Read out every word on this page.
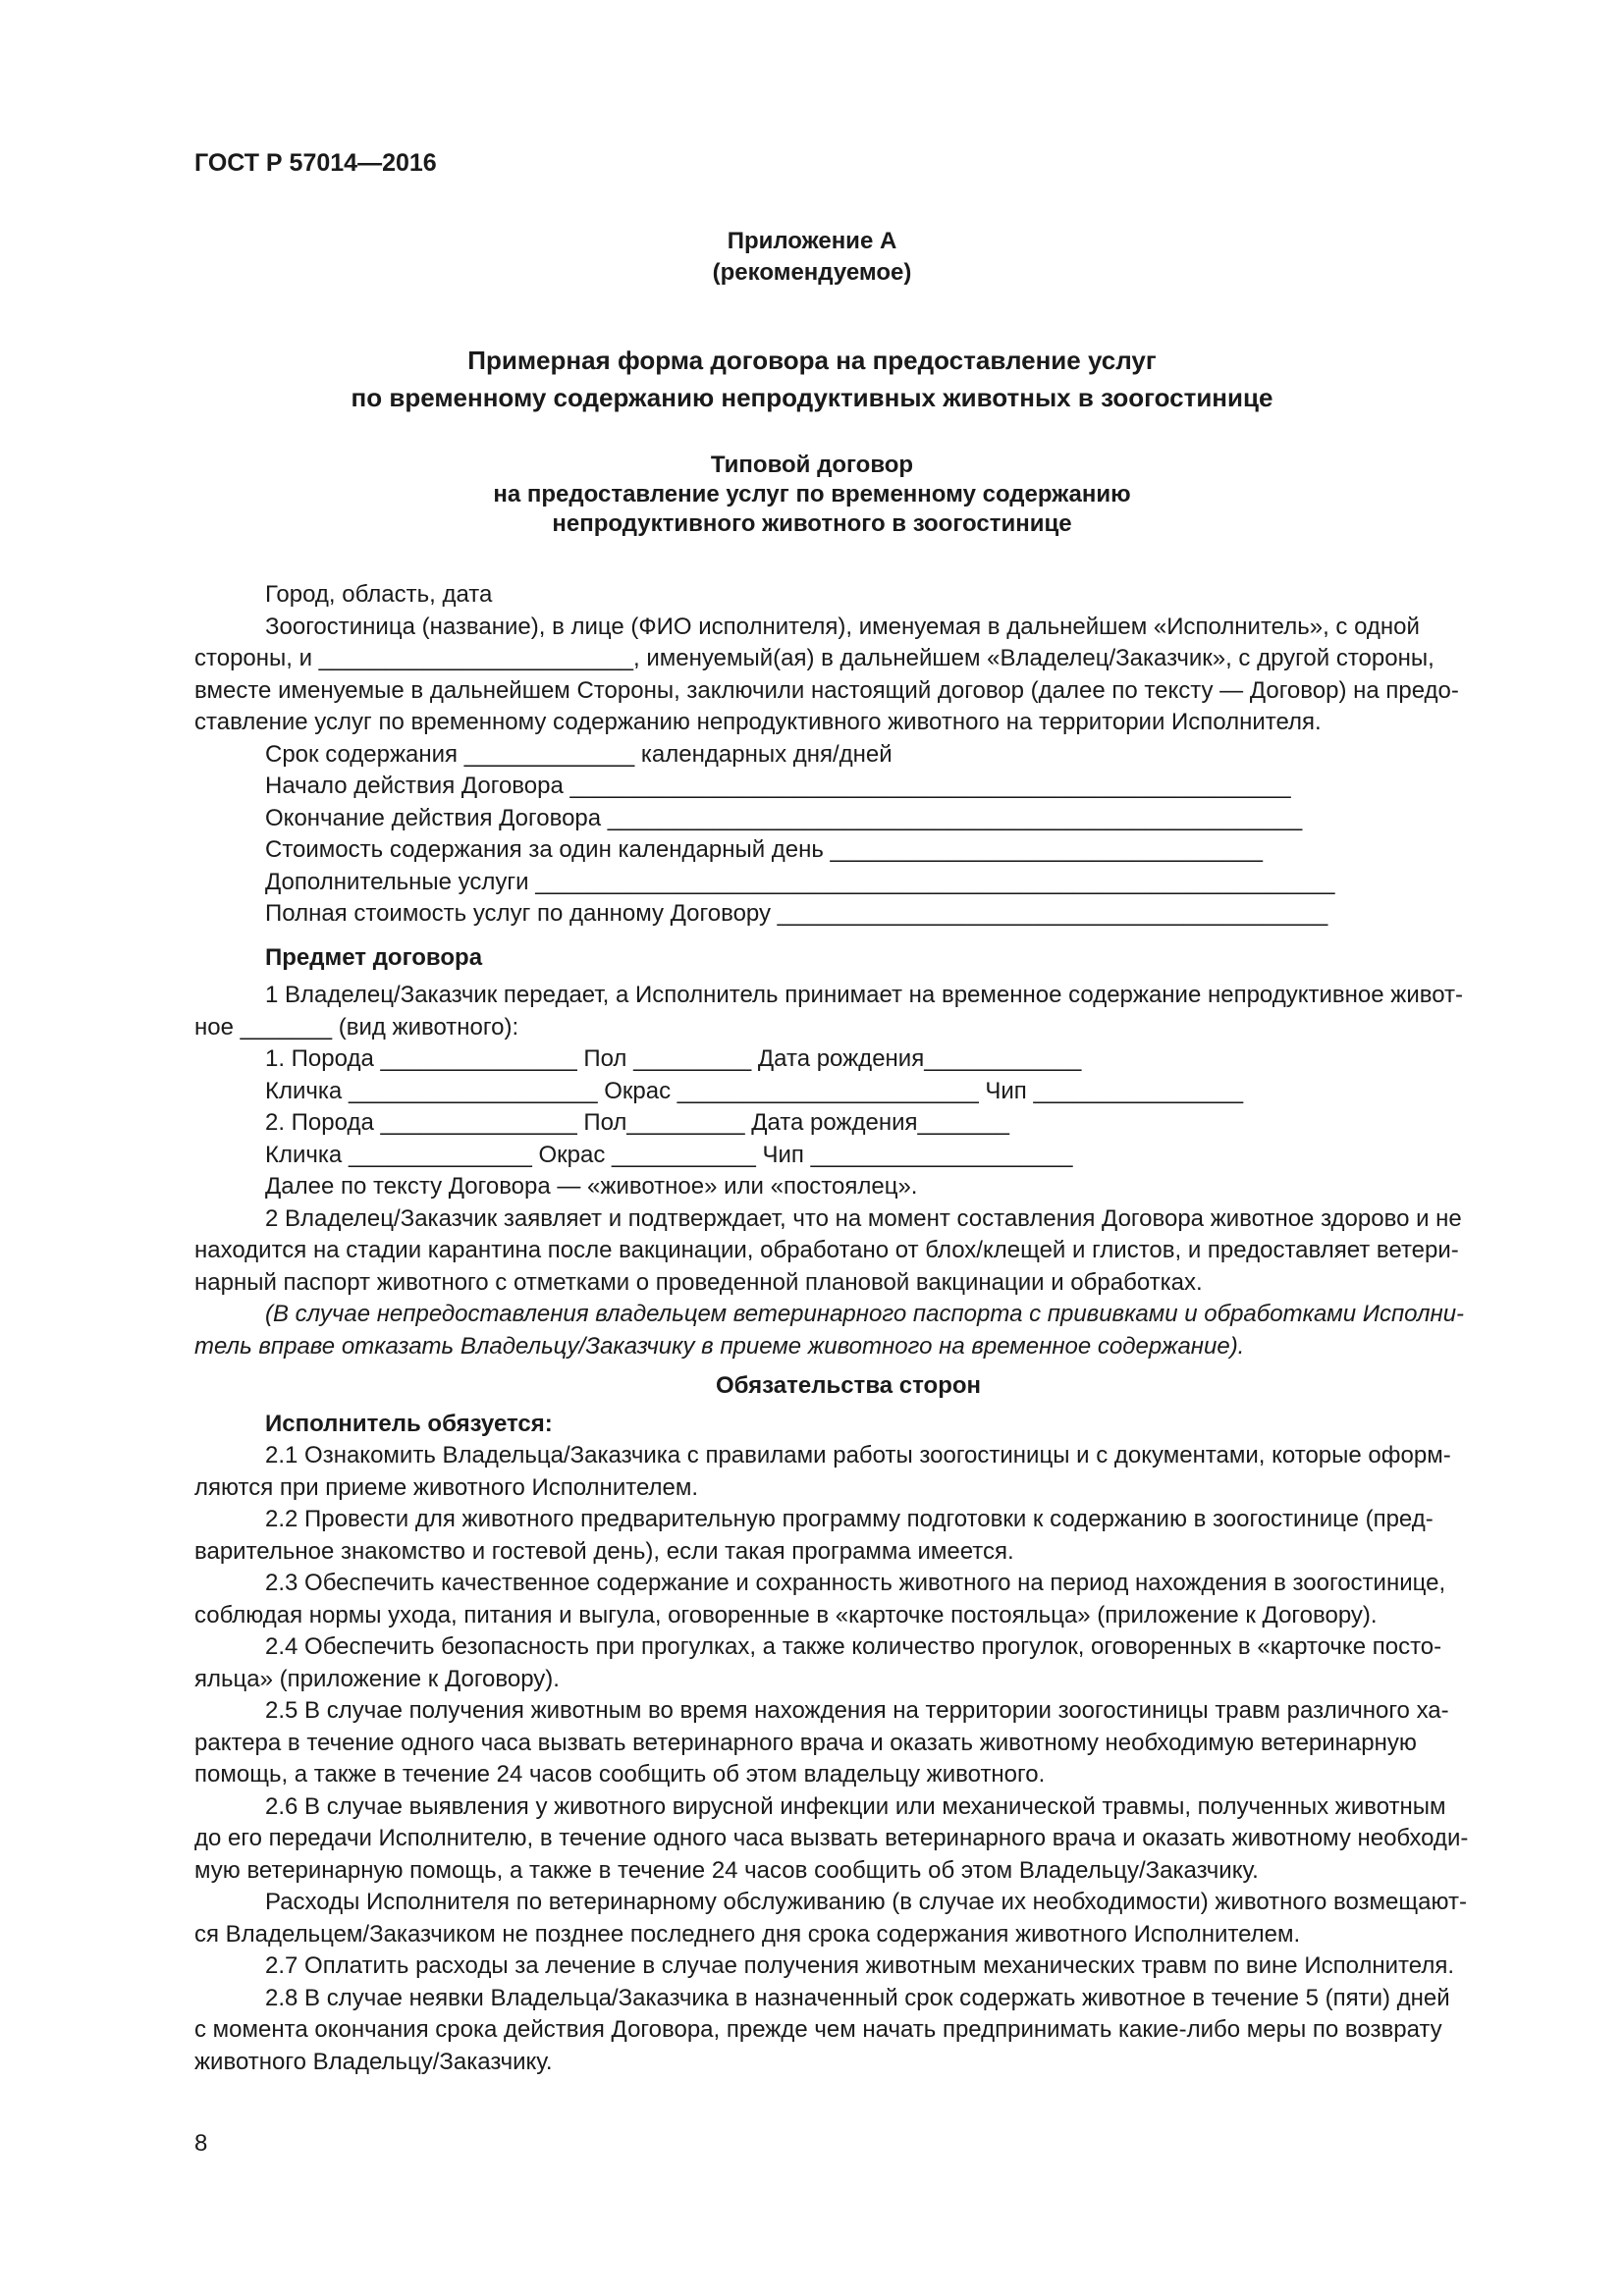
ГОСТ Р 57014—2016
Приложение А
(рекомендуемое)
Примерная форма договора на предоставление услуг
по временному содержанию непродуктивных животных в зоогостинице
Типовой договор
на предоставление услуг по временному содержанию
непродуктивного животного в зоогостинице

Город, область, дата

Зоогостиница (название), в лице (ФИО исполнителя), именуемая в дальнейшем «Исполнитель», с одной

стороны, и ________________________, именуемый(ая) в дальнейшем «Владелец/Заказчик», с другой стороны,

вместе именуемые в дальнейшем Стороны, заключили настоящий договор (далее по тексту — Договор) на предо-

ставление услуг по временному содержанию непродуктивного животного на территории Исполнителя.

Срок содержания _____________ календарных дня/дней

Начало действия Договора _______________________________________________________

Окончание действия Договора _____________________________________________________

Стоимость содержания за один календарный день _________________________________

Дополнительные услуги _____________________________________________________________

Полная стоимость услуг по данному Договору __________________________________________

Предмет договора

1 Владелец/Заказчик передает, а Исполнитель принимает на временное содержание непродуктивное живот-

ное _______ (вид животного):

1. Порода _______________ Пол _________ Дата рождения____________

Кличка ___________________ Окрас _______________________ Чип ________________

2. Порода _______________ Пол_________ Дата рождения_______

Кличка ______________ Окрас ___________ Чип ____________________

Далее по тексту Договора — «животное» или «постоялец».

2 Владелец/Заказчик заявляет и подтверждает, что на момент составления Договора животное здорово и не

находится на стадии карантина после вакцинации, обработано от блох/клещей и глистов, и предоставляет ветери-

нарный паспорт животного с отметками о проведенной плановой вакцинации и обработках.

(В случае непредоставления владельцем ветеринарного паспорта с прививками и обработками Исполни-

тель вправе отказать Владельцу/Заказчику в приеме животного на временное содержание).

Обязательства сторон

Исполнитель обязуется:

2.1 Ознакомить Владельца/Заказчика с правилами работы зоогостиницы и с документами, которые оформ-

ляются при приеме животного Исполнителем.

2.2 Провести для животного предварительную программу подготовки к содержанию в зоогостинице (пред-

варительное знакомство и гостевой день), если такая программа имеется.

2.3 Обеспечить качественное содержание и сохранность животного на период нахождения в зоогостинице,

соблюдая нормы ухода, питания и выгула, оговоренные в «карточке постояльца» (приложение к Договору).

2.4 Обеспечить безопасность при прогулках, а также количество прогулок, оговоренных в «карточке посто-

яльца» (приложение к Договору).

2.5 В случае получения животным во время нахождения на территории зоогостиницы травм различного ха-

рактера в течение одного часа вызвать ветеринарного врача и оказать животному необходимую ветеринарную

помощь, а также в течение 24 часов сообщить об этом владельцу животного.

2.6 В случае выявления у животного вирусной инфекции или механической травмы, полученных животным

до его передачи Исполнителю, в течение одного часа вызвать ветеринарного врача и оказать животному необходи-

мую ветеринарную помощь, а также в течение 24 часов сообщить об этом Владельцу/Заказчику.

Расходы Исполнителя по ветеринарному обслуживанию (в случае их необходимости) животного возмещают-

ся Владельцем/Заказчиком не позднее последнего дня срока содержания животного Исполнителем.

2.7 Оплатить расходы за лечение в случае получения животным механических травм по вине Исполнителя.

2.8 В случае неявки Владельца/Заказчика в назначенный срок содержать животное в течение 5 (пяти) дней

с момента окончания срока действия Договора, прежде чем начать предпринимать какие-либо меры по возврату

животного Владельцу/Заказчику.

8
